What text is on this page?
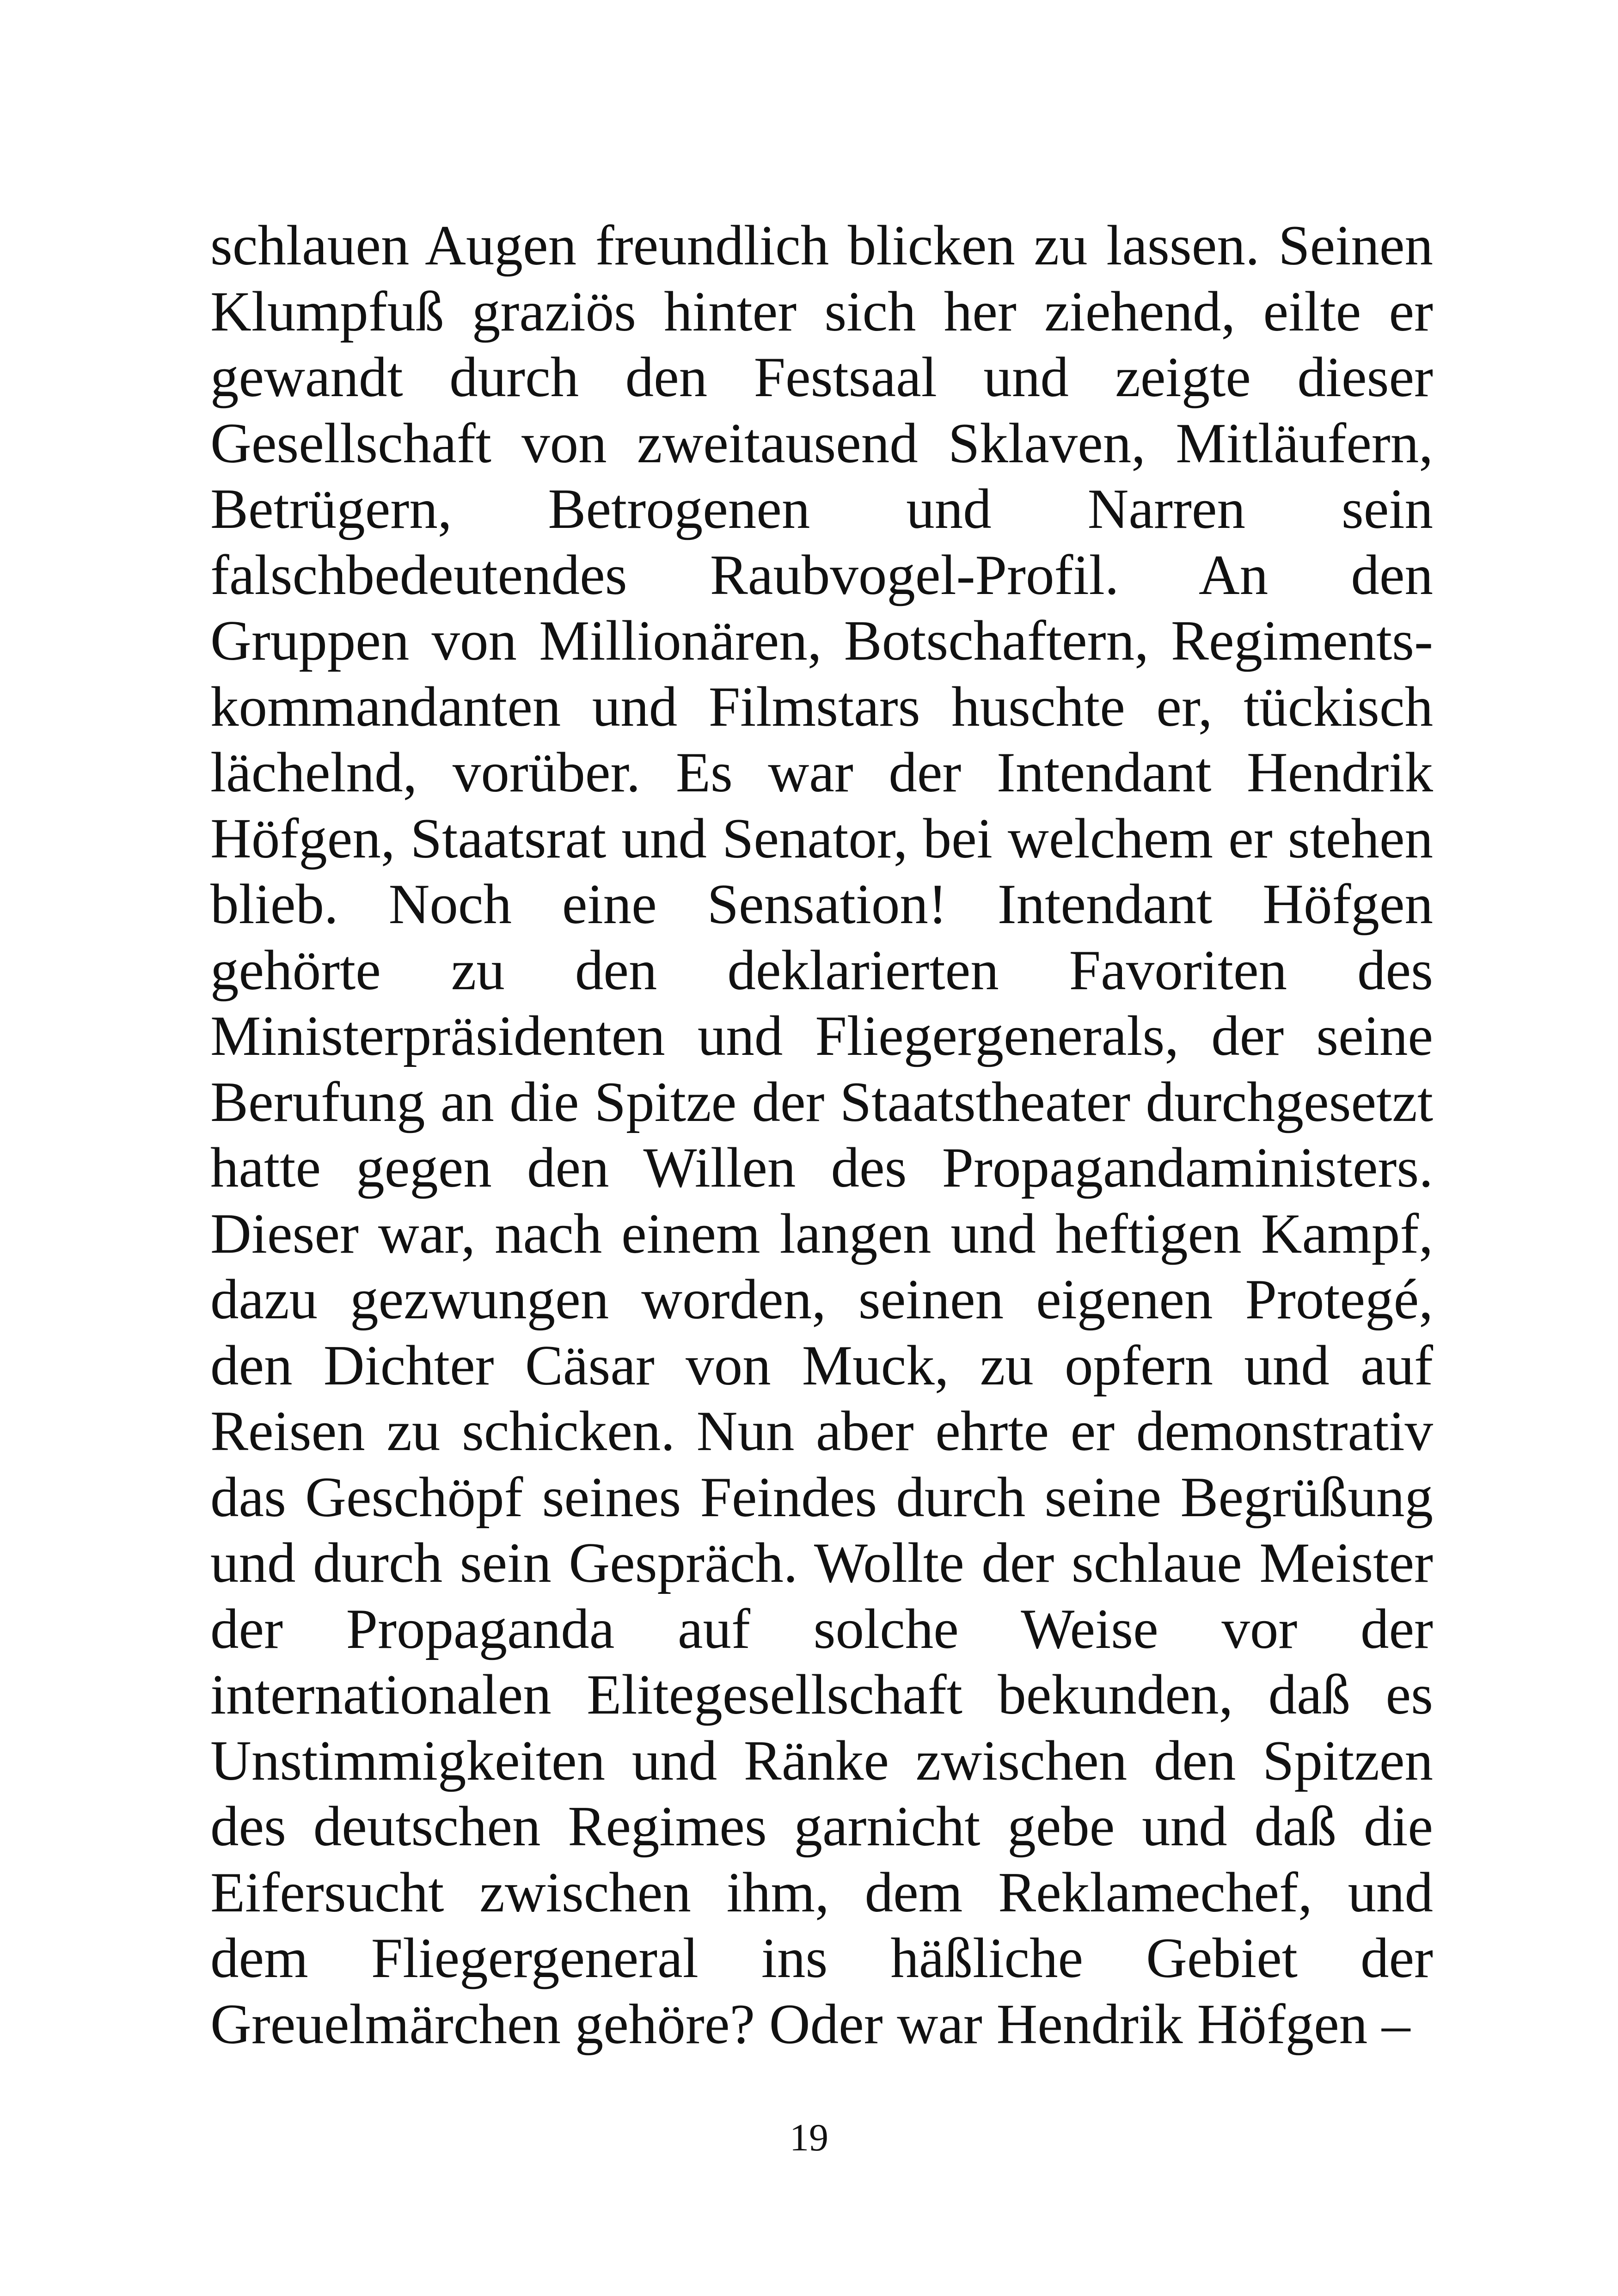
schlauen Augen freundlich blicken zu lassen. Seinen
Klumpfuß graziös hinter sich her ziehend, eilte er
gewandt durch den Festsaal und zeigte dieser
Gesellschaft von zweitausend Sklaven, Mitläufern,
Betrügern, Betrogenen und Narren sein
falschbedeutendes Raubvogel-Profil. An den
Gruppen von Millionären, Botschaftern, Regiments-
kommandanten und Filmstars huschte er, tückisch
lächelnd, vorüber. Es war der Intendant Hendrik
Höfgen, Staatsrat und Senator, bei welchem er stehen
blieb. Noch eine Sensation! Intendant Höfgen
gehörte zu den deklarierten Favoriten des
Ministerpräsidenten und Fliegergenerals, der seine
Berufung an die Spitze der Staatstheater durchgesetzt
hatte gegen den Willen des Propagandaministers.
Dieser war, nach einem langen und heftigen Kampf,
dazu gezwungen worden, seinen eigenen Protegé,
den Dichter Cäsar von Muck, zu opfern und auf
Reisen zu schicken. Nun aber ehrte er demonstrativ
das Geschöpf seines Feindes durch seine Begrüßung
und durch sein Gespräch. Wollte der schlaue Meister
der Propaganda auf solche Weise vor der
internationalen Elitegesellschaft bekunden, daß es
Unstimmigkeiten und Ränke zwischen den Spitzen
des deutschen Regimes garnicht gebe und daß die
Eifersucht zwischen ihm, dem Reklamechef, und
dem Fliegergeneral ins häßliche Gebiet der
Greuelmärchen gehöre? Oder war Hendrik Höfgen –
19
